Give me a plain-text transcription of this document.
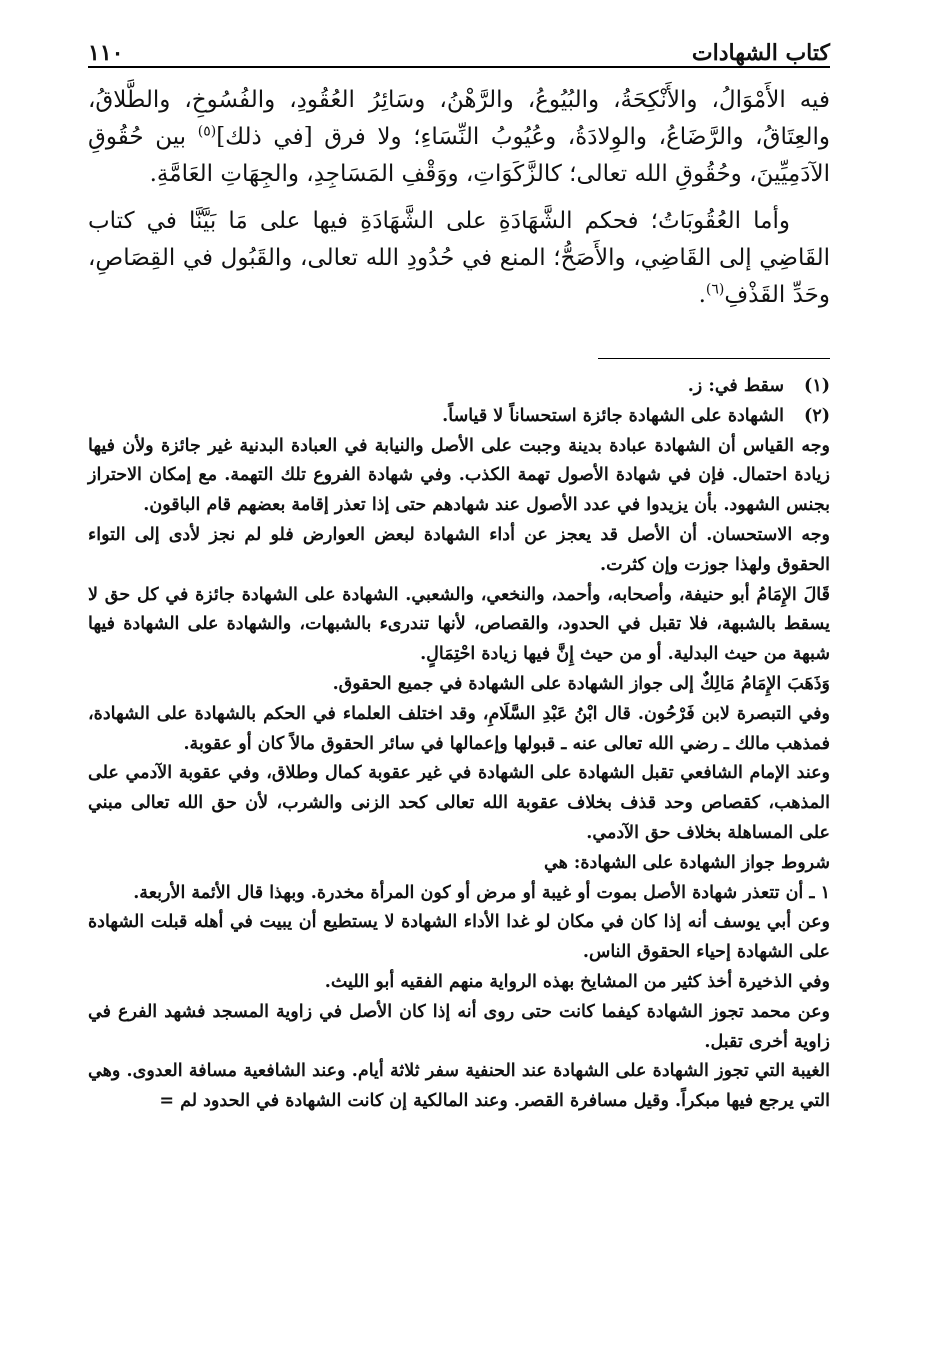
كتاب الشهادات
١١٠

فيه الأَمْوَالُ، والأَنْكِحَةُ، والبُيُوعُ، والرَّهْنُ، وسَائِرُ العُقُودِ، والفُسُوخِ، والطَّلاقُ، والعِتَاقُ، والرَّضَاعُ، والوِلادَةُ، وعُيُوبُ النِّسَاءِ؛ ولا فرق [في ذلك]$^{(٥)}$ بين حُقُوقِ الآدَمِيِّينَ، وحُقُوقِ الله تعالى؛ كالزَّكَوَاتِ، ووَقْفِ المَسَاجِدِ، والجِهَاتِ العَامَّةِ.

وأما العُقُوبَاتُ؛ فحكم الشَّهَادَةِ على الشَّهَادَةِ فيها على مَا بَيَّنَّا في كتاب القَاضِي إلى القَاضِي، والأَصَحُّ؛ المنع في حُدُودِ الله تعالى، والقَبُول في القِصَاصِ، وحَدِّ القَذْفِ$^{(٦)}$.

(١)
سقط في: ز.
(٢)
الشهادة على الشهادة جائزة استحساناً لا قياساً.

وجه القياس أن الشهادة عبادة بدينة وجبت على الأصل والنيابة في العبادة البدنية غير جائزة ولأن فيها زيادة احتمال. فإن في شهادة الأصول تهمة الكذب. وفي شهادة الفروع تلك التهمة. مع إمكان الاحتراز بجنس الشهود. بأن يزيدوا في عدد الأصول عند شهادهم حتى إذا تعذر إقامة بعضهم قام الباقون.

وجه الاستحسان. أن الأصل قد يعجز عن أداء الشهادة لبعض العوارض فلو لم نجز لأدى إلى التواء الحقوق ولهذا جوزت وإن كثرت.

قَالَ الإِمَامُ أبو حنيفة، وأصحابه، وأحمد، والنخعي، والشعبي. الشهادة على الشهادة جائزة في كل حق لا يسقط بالشبهة، فلا تقبل في الحدود، والقصاص، لأنها تندرىء بالشبهات، والشهادة على الشهادة فيها شبهة من حيث البدلية. أو من حيث إِنَّ فيها زيادة احْتِمَالٍ.

وَذَهَبَ الإِمَامُ مَالِكٌ إلى جواز الشهادة على الشهادة في جميع الحقوق.

وفي التبصرة لابن فَرْحُون. قال ابْنُ عَبْدِ السَّلَامِ، وقد اختلف العلماء في الحكم بالشهادة على الشهادة، فمذهب مالك ـ رضي الله تعالى عنه ـ قبولها وإعمالها في سائر الحقوق مالاً كان أو عقوبة.

وعند الإمام الشافعي تقبل الشهادة على الشهادة في غير عقوبة كمال وطلاق، وفي عقوبة الآدمي على المذهب، كقصاص وحد قذف بخلاف عقوبة الله تعالى كحد الزنى والشرب، لأن حق الله تعالى مبني على المساهلة بخلاف حق الآدمي.

شروط جواز الشهادة على الشهادة: هي

١ ـ أن تتعذر شهادة الأصل بموت أو غيبة أو مرض أو كون المرأة مخدرة. وبهذا قال الأئمة الأربعة.

وعن أبي يوسف أنه إذا كان في مكان لو غدا الأداء الشهادة لا يستطيع أن يبيت في أهله قبلت الشهادة على الشهادة إحياء الحقوق الناس.

وفي الذخيرة أخذ كثير من المشايخ بهذه الرواية منهم الفقيه أبو الليث.

وعن محمد تجوز الشهادة كيفما كانت حتى روى أنه إذا كان الأصل في زاوية المسجد فشهد الفرع في زاوية أخرى تقبل.

الغيبة التي تجوز الشهادة على الشهادة عند الحنفية سفر ثلاثة أيام. وعند الشافعية مسافة العدوى. وهي التي يرجع فيها مبكراً. وقيل مسافرة القصر. وعند المالكية إن كانت الشهادة في الحدود لم =
